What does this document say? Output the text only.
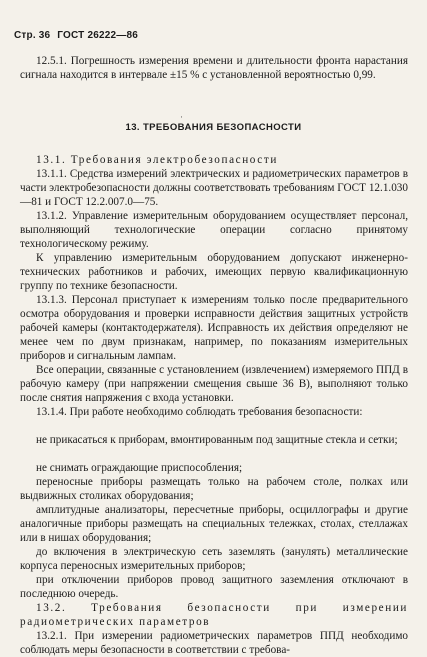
Стр. 36 ГОСТ 26222—86
12.5.1. Погрешность измерения времени и длительности фронта нарастания сигнала находится в интервале ±15 % с установленной вероятностью 0,99.
·
13. ТРЕБОВАНИЯ БЕЗОПАСНОСТИ
13.1. Требования электробезопасности
13.1.1. Средства измерений электрических и радиометрических параметров в части электробезопасности должны соответствовать требованиям ГОСТ 12.1.030—81 и ГОСТ 12.2.007.0—75.
13.1.2. Управление измерительным оборудованием осуществляет персонал, выполняющий технологические операции согласно принятому технологическому режиму.
К управлению измерительным оборудованием допускают инженерно-технических работников и рабочих, имеющих первую квалификационную группу по технике безопасности.
13.1.3. Персонал приступает к измерениям только после предварительного осмотра оборудования и проверки исправности действия защитных устройств рабочей камеры (контактодержателя). Исправность их действия определяют не менее чем по двум признакам, например, по показаниям измерительных приборов и сигнальным лампам.
Все операции, связанные с установлением (извлечением) измеряемого ППД в рабочую камеру (при напряжении смещения свыше 36 В), выполняют только после снятия напряжения с входа установки.
13.1.4. При работе необходимо соблюдать требования безопасности:
не прикасаться к приборам, вмонтированным под защитные стекла и сетки;
не снимать ограждающие приспособления;
переносные приборы размещать только на рабочем столе, полках или выдвижных столиках оборудования;
амплитудные анализаторы, пересчетные приборы, осциллографы и другие аналогичные приборы размещать на специальных тележках, столах, стеллажах или в нишах оборудования;
до включения в электрическую сеть заземлять (занулять) металлические корпуса переносных измерительных приборов;
при отключении приборов провод защитного заземления отключают в последнюю очередь.
13.2. Требования безопасности при измерении радиометрических параметров
13.2.1. При измерении радиометрических параметров ППД необходимо соблюдать меры безопасности в соответствии с требова-
